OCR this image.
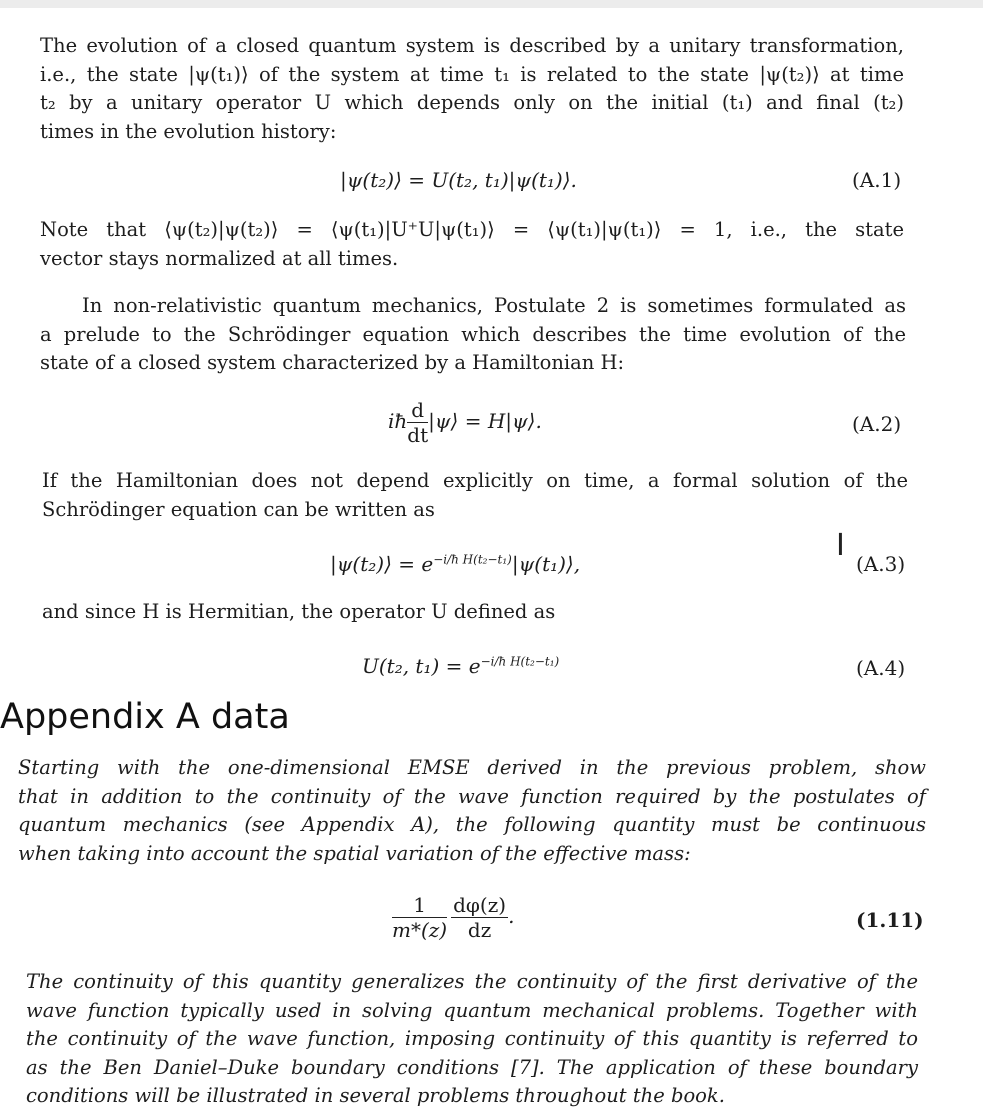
The evolution of a closed quantum system is described by a unitary transformation,
i.e., the state |ψ(t₁)⟩ of the system at time t₁ is related to the state |ψ(t₂)⟩ at time
t₂ by a unitary operator U which depends only on the initial (t₁) and final (t₂)
times in the evolution history:
|ψ(t₂)⟩ = U(t₂, t₁)|ψ(t₁)⟩.	(A.1)
Note that ⟨ψ(t₂)|ψ(t₂)⟩ = ⟨ψ(t₁)|U⁺U|ψ(t₁)⟩ = ⟨ψ(t₁)|ψ(t₁)⟩ = 1, i.e., the state
vector stays normalized at all times.
In non-relativistic quantum mechanics, Postulate 2 is sometimes formulated as
a prelude to the Schrödinger equation which describes the time evolution of the
state of a closed system characterized by a Hamiltonian H:
iħ $\frac{d}{dt}$ |ψ⟩ = H|ψ⟩.	(A.2)
If the Hamiltonian does not depend explicitly on time, a formal solution of the
Schrödinger equation can be written as
|ψ(t₂)⟩ = $e^{-i/ħ H(t_2-t_1)}|\psi(t_1)⟩$,
I
(A.3)
and since H is Hermitian, the operator U defined as
U(t₂, $t_1) = e^{-i/ħ H(t_2-t_1)}$	(A.4)
Appendix A data
Starting with the one-dimensional EMSE derived in the previous problem, show
that in addition to the continuity of the wave function required by the postulates of
quantum mechanics (see Appendix A), the following quantity must be continuous
when taking into account the spatial variation of the effective mass:
$\frac{1}{m*(z)} \frac{d\varphi(z)}{dz}$ .	(1.11)
The continuity of this quantity generalizes the continuity of the first derivative of the
wave function typically used in solving quantum mechanical problems. Together with
the continuity of the wave function, imposing continuity of this quantity is referred to
as the Ben Daniel–Duke boundary conditions [7]. The application of these boundary
conditions will be illustrated in several problems throughout the book.
